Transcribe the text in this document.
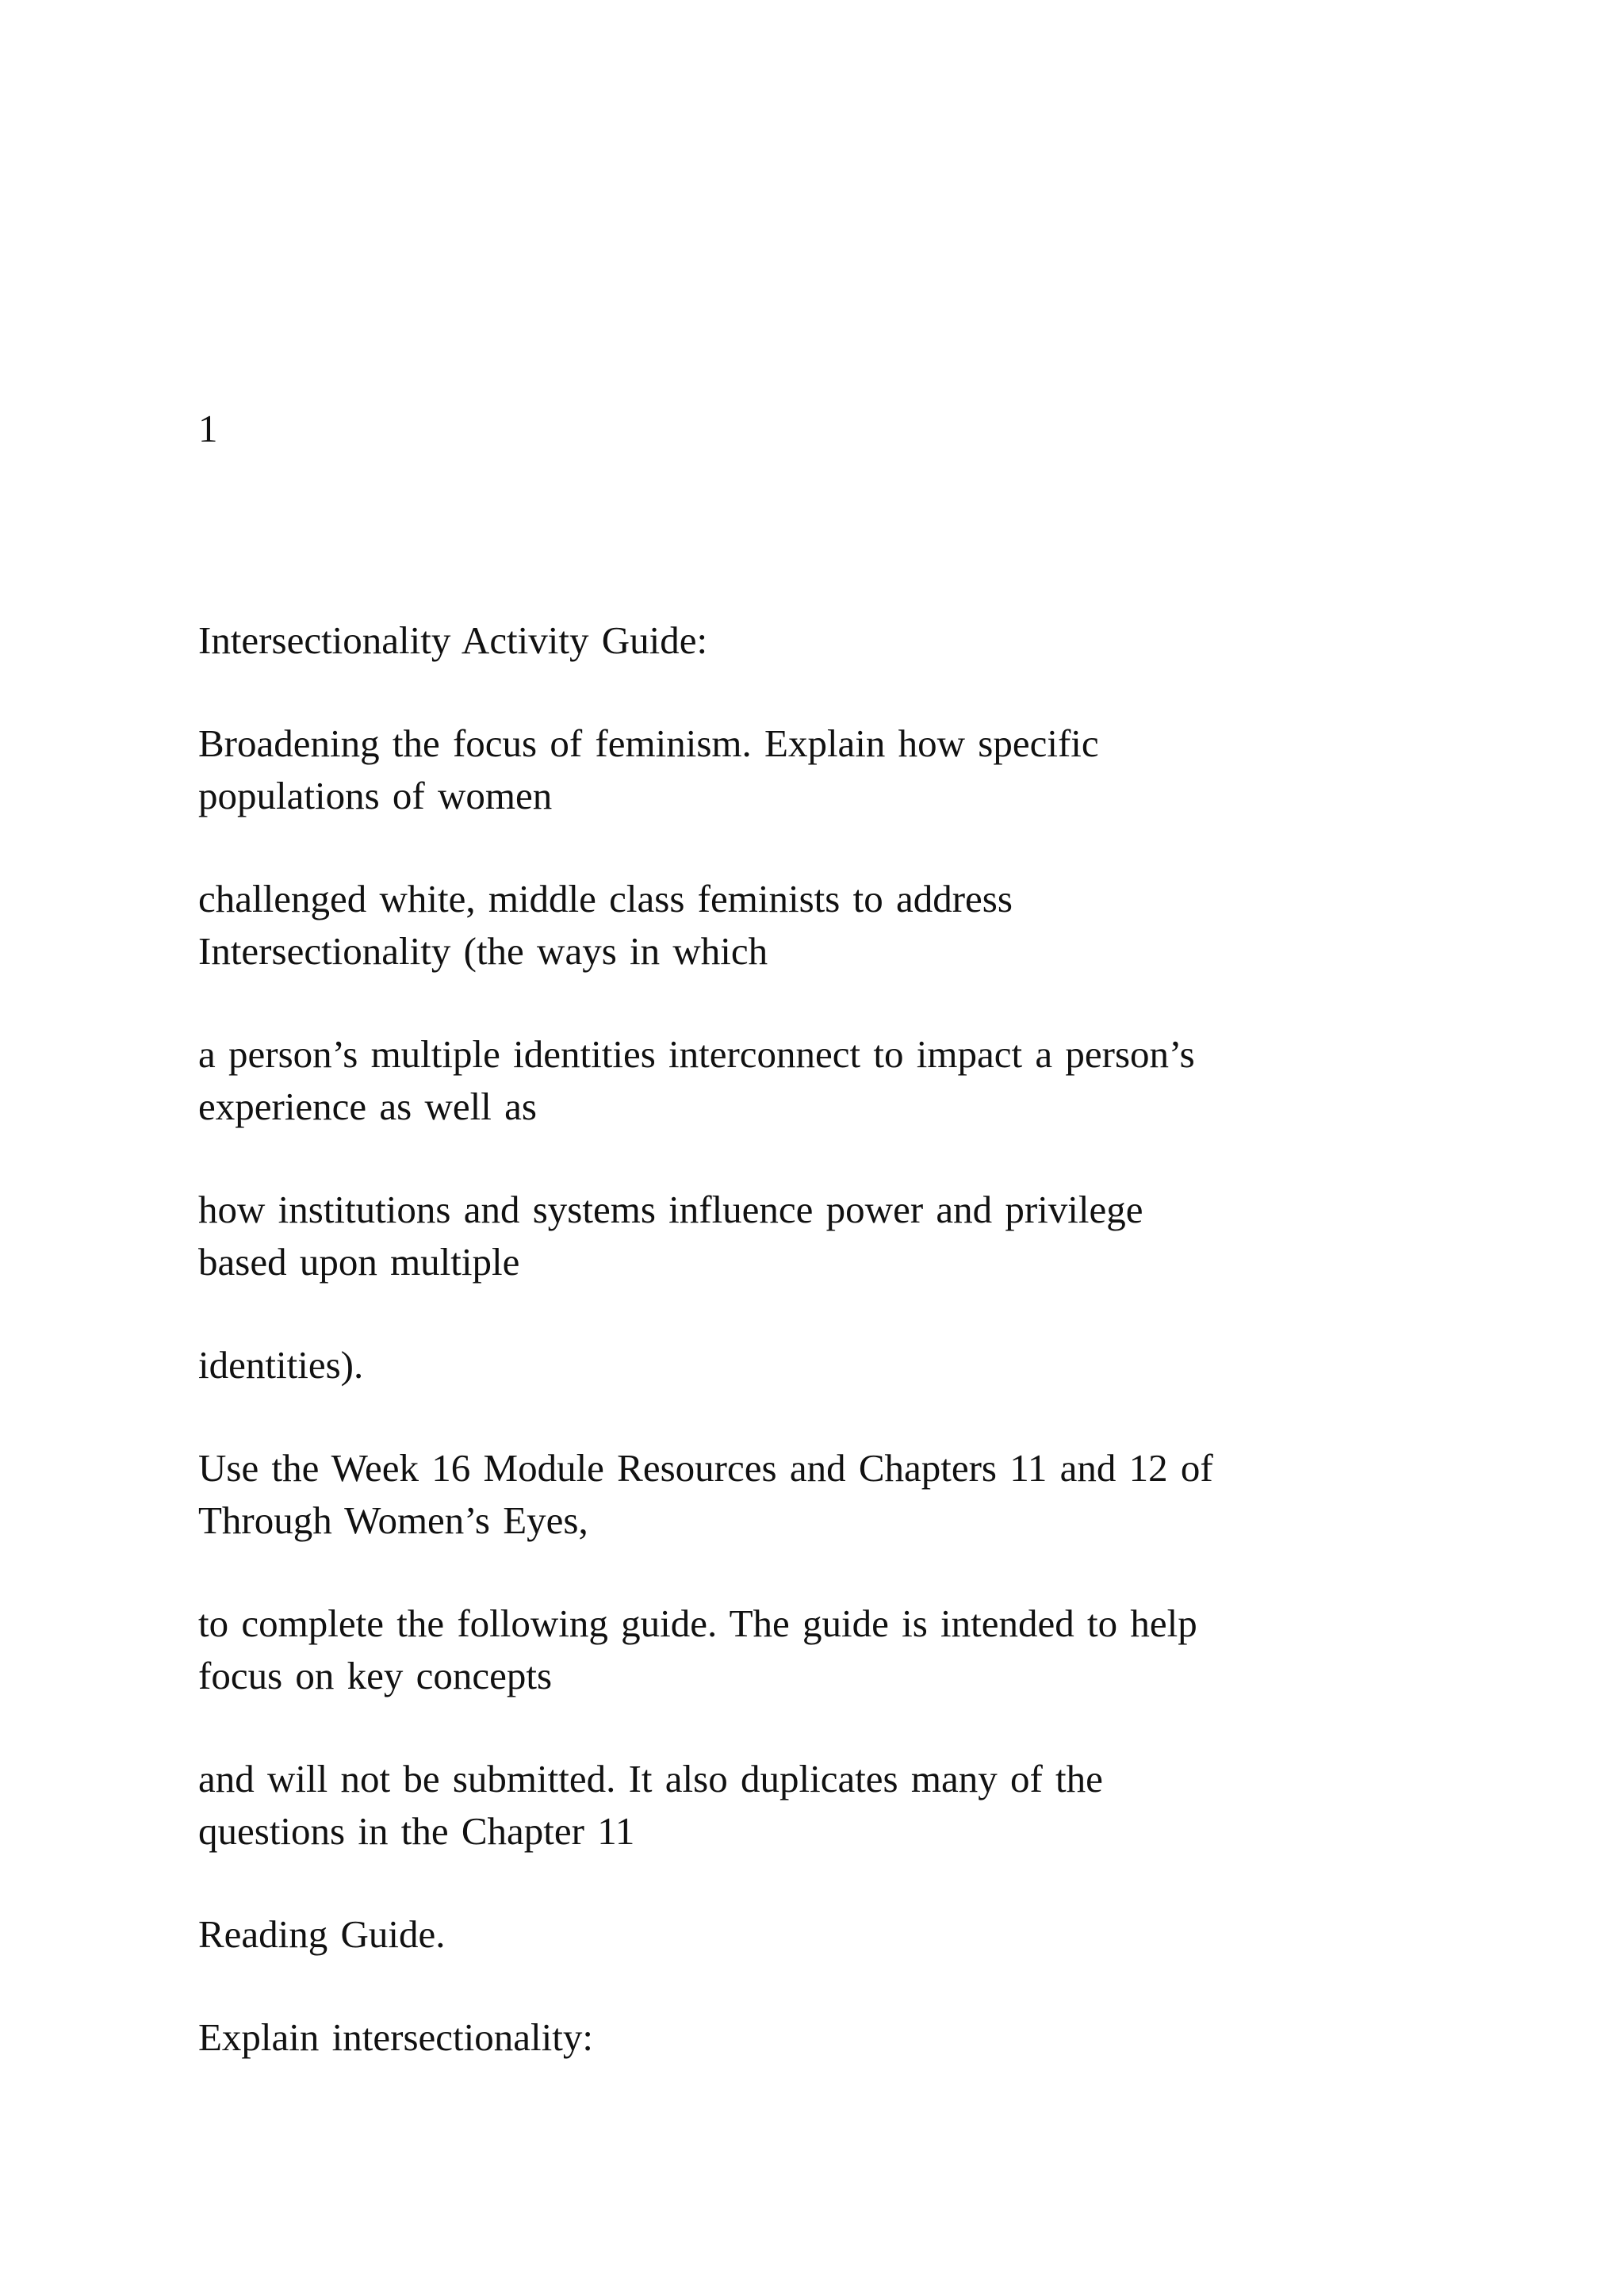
1

Intersectionality Activity Guide:

Broadening the focus of feminism. Explain how specific
populations of women

challenged white, middle class feminists to address
Intersectionality (the ways in which

a person’s multiple identities interconnect to impact a person’s
experience as well as

how institutions and systems influence power and privilege
based upon multiple

identities).

Use the Week 16 Module Resources and Chapters 11 and 12 of
Through Women’s Eyes,

to complete the following guide. The guide is intended to help
focus on key concepts

and will not be submitted. It also duplicates many of the
questions in the Chapter 11

Reading Guide.

Explain intersectionality:
